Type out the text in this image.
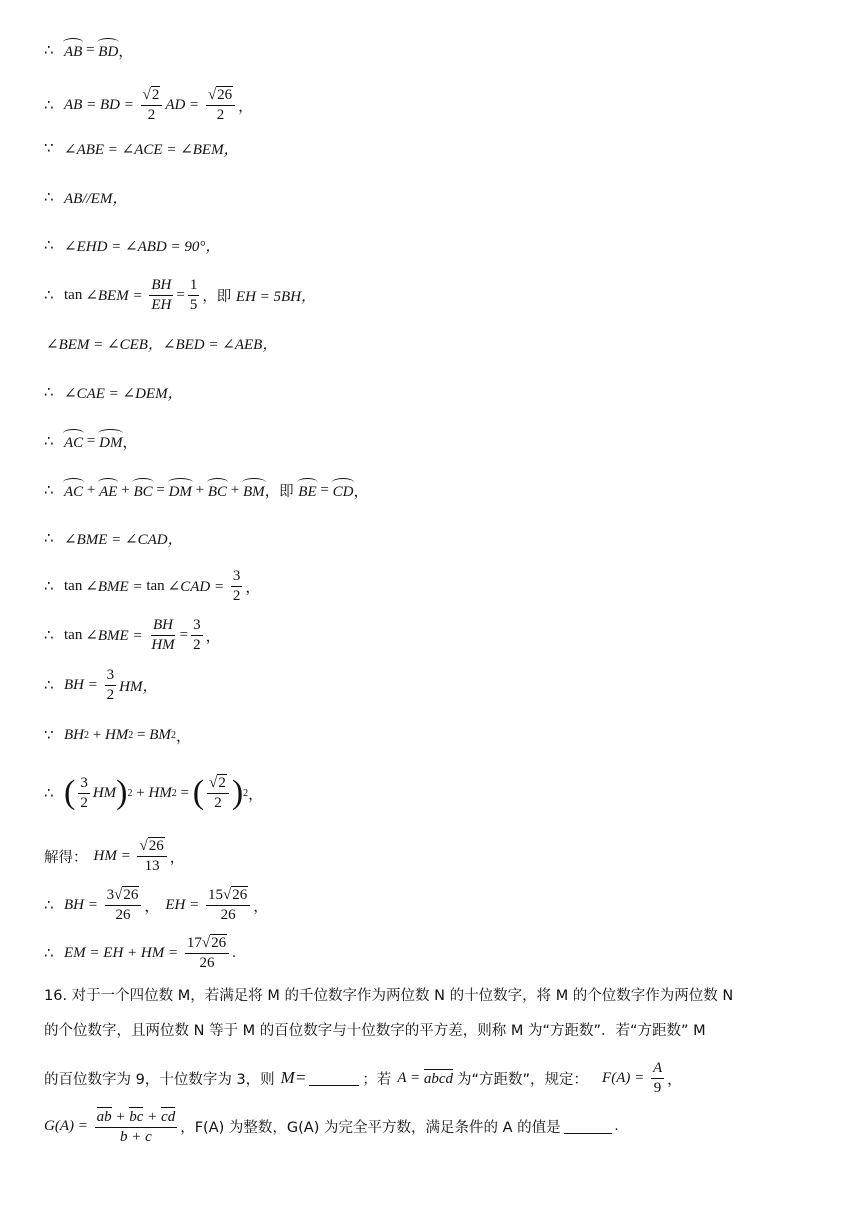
∴ AB = BD ，
∴ AB = BD = $\frac{√2}{2}$ AD = $\frac{√26}{2}$ ，
∵ ∠ABE = ∠ACE = ∠BEM，
∴ AB//EM，
∴ ∠EHD = ∠ABD = 90°，
∴ tan ∠BEM = $\frac{BH}{EH} = \frac{1}{5}$ ，即 EH = 5BH，
∠BEM = ∠CEB，∠BED = ∠AEB，
∴ ∠CAE = ∠DEM，
∴ AC = DM ，
∴ AC + AE + BC = DM + BC + BM ，即 BE = CD ，
∴ ∠BME = ∠CAD，
∴ tan ∠BME = tan ∠CAD = $\frac{3}{2}$ ，
∴ tan ∠BME = $\frac{BH}{HM} = \frac{3}{2}$ ，
∴ BH = $\frac{3}{2}$ HM，
∵ BH 2 + HM 2 = BM 2 ，
∴ ( $\frac{3}{2}$ HM ) 2 + HM 2 = ( $\frac{√2}{2}$ ) 2 ，
解得： HM = $\frac{√26}{13}$ ，
∴ BH = $\frac{3√26}{26}$ ， EH = $\frac{15√26}{26}$ ，
∴ EM = EH + HM = $\frac{17√26}{26}$ .
16. 对于一个四位数 M，若满足将 M 的千位数字作为两位数 N 的十位数字，将 M 的个位数字作为两位数 N
的个位数字，且两位数 N 等于 M 的百位数字与十位数字的平方差，则称 M 为“方距数”．若“方距数” M
的百位数字为 9，十位数字为 3，则 M=	；若 A = abcd 为“方距数”，规定： $F(A) = \frac{A}{9}$ ，
$G(A) = \frac{ab + bc + cd}{b + c}$ ，F(A) 为整数，G(A) 为完全平方数，满足条件的 A 的值是	.
